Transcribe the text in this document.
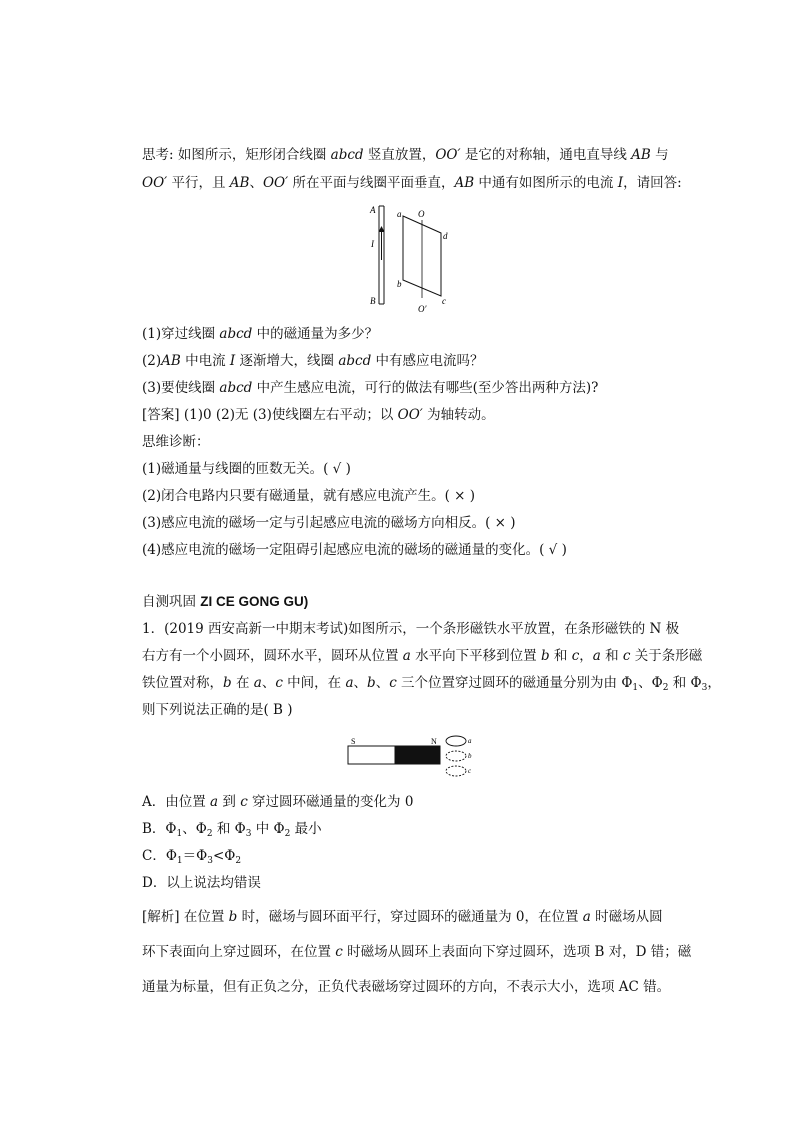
思考: 如图所示，矩形闭合线圈 abcd 竖直放置，OO′ 是它的对称轴，通电直导线 AB 与
OO′ 平行，且 AB、OO′ 所在平面与线圈平面垂直，AB 中通有如图所示的电流 I，请回答:
A
B
I
a O
d
b
c
O′
(1)穿过线圈 abcd 中的磁通量为多少？
(2)AB 中电流 I 逐渐增大，线圈 abcd 中有感应电流吗？
(3)要使线圈 abcd 中产生感应电流，可行的做法有哪些(至少答出两种方法)?
[答案] (1)0 (2)无 (3)使线圈左右平动；以 OO′ 为轴转动。
思维诊断：
(1)磁通量与线圈的匝数无关。( √ )
(2)闭合电路内只要有磁通量，就有感应电流产生。( × )
(3)感应电流的磁场一定与引起感应电流的磁场方向相反。( × )
(4)感应电流的磁场一定阻碍引起感应电流的磁场的磁通量的变化。( √ )
自测巩固 ZI CE GONG GU)
1．(2019 西安高新一中期末考试)如图所示，一个条形磁铁水平放置，在条形磁铁的 N 极
右方有一个小圆环，圆环水平，圆环从位置 a 水平向下平移到位置 b 和 c，a 和 c 关于条形磁
铁位置对称，b 在 a、c 中间，在 a、b、c 三个位置穿过圆环的磁通量分别为由 $\Phi_1$、$\Phi_2$ 和 $\Phi_3$，
则下列说法正确的是( B )
S	N	a
b
c
A．由位置 a 到 c 穿过圆环磁通量的变化为 0
B．$\Phi_1$、$\Phi_2$ 和 $\Phi_3$ 中 $\Phi_2$ 最小
C．$\Phi_1=\Phi_3<\Phi_2$
D．以上说法均错误
[解析] 在位置 b 时，磁场与圆环面平行，穿过圆环的磁通量为 0，在位置 a 时磁场从圆
环下表面向上穿过圆环，在位置 c 时磁场从圆环上表面向下穿过圆环，选项 B 对，D 错；磁
通量为标量，但有正负之分，正负代表磁场穿过圆环的方向，不表示大小，选项 AC 错。
